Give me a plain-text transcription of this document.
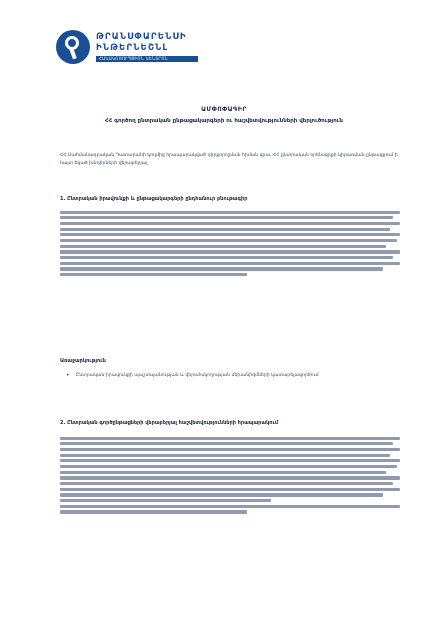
ԹՐԱՆՍՓԱՐԵՆՍԻ
ԻՆԹԵՐՆԵՇՆԼ
ՀԱԿԱԿՈՌՈՒՊՑԻՈՆ ԿԵՆՏՐՈՆ
ԱՄՓՈՓԱԳԻՐ
ՀՀ գործող ընտրական ընթացակարգերի ու հաշվետվությունների վերլուծություն
ՀՀ Սահմանադրական Դատարանի կողմից հրապարակված դիրքորոշման հիման վրա, ՀՀ ընտրական օրենսգրքի կիրառման ընթացքում ի հայտ եկած խնդիրների վերաբերյալ
1. Ընտրական իրավունքի և ընթացակարգերի ընդհանուր բնութագիր
Առաջարկություն
• Ընտրական իրավունքի պաշտպանության և վերահսկողության մեխանիզմների կատարելագործում
2. Ընտրական գործընթացների վերաբերյալ հաշվետվությունների հրապարակում
